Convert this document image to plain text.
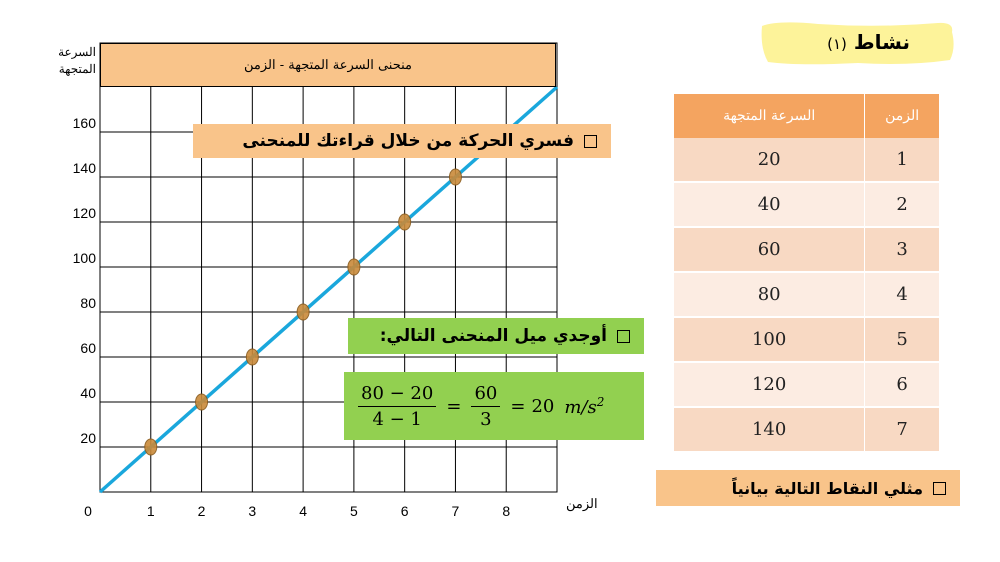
20
40
60
80
100
120
140
160
0	1	2	3	4	5	6	7	8
منحنى السرعة المتجهة - الزمن
السرعة المتجهة
الزمن
فسري الحركة من خلال قراءتك للمنحنى
أوجدي ميل المنحنى التالي:
$\frac{80 - 20}{4 - 1} = \frac{60}{3} = 20$ $m/s^2$
مثلي النقاط التالية بيانياً
نشاط (١)
السرعة المتجهة	الزمن
20	1
40	2
60	3
80	4
100	5
120	6
140	7
